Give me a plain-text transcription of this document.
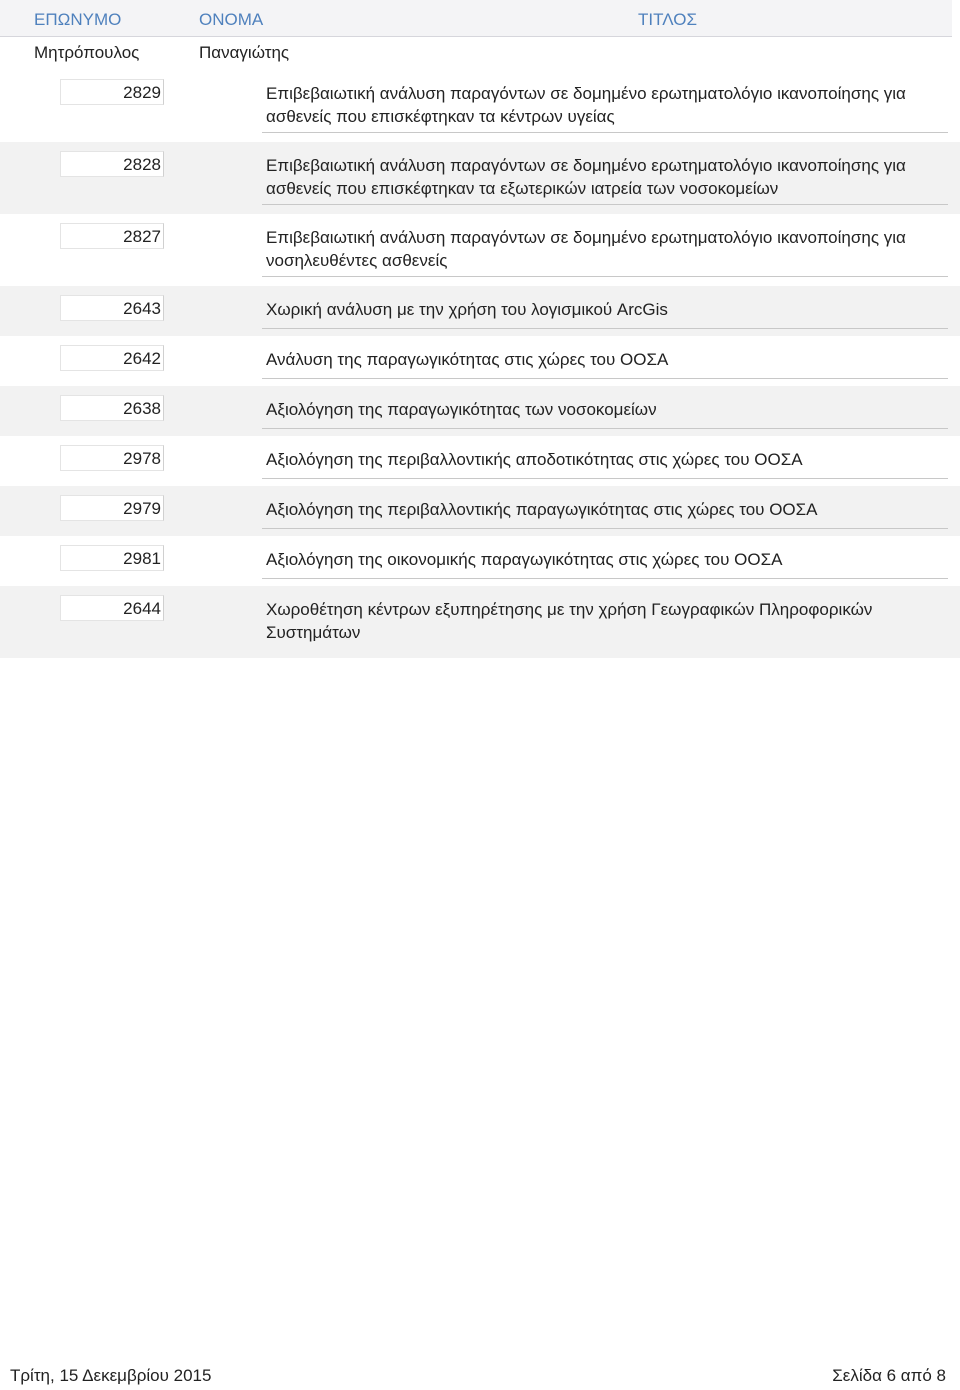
ΕΠΩΝΥΜΟ	ΟΝΟΜΑ	ΤΙΤΛΟΣ
Μητρόπουλος	Παναγιώτης
2829	Επιβεβαιωτική ανάλυση παραγόντων σε δομημένο ερωτηματολόγιο ικανοποίησης για ασθενείς που επισκέφτηκαν τα κέντρων υγείας
2828	Επιβεβαιωτική ανάλυση παραγόντων σε δομημένο ερωτηματολόγιο ικανοποίησης για ασθενείς που επισκέφτηκαν τα εξωτερικών ιατρεία των νοσοκομείων
2827	Επιβεβαιωτική ανάλυση παραγόντων σε δομημένο ερωτηματολόγιο ικανοποίησης για νοσηλευθέντες ασθενείς
2643	Χωρική ανάλυση με την χρήση του λογισμικού ArcGis
2642	Ανάλυση της παραγωγικότητας στις χώρες του ΟΟΣΑ
2638	Αξιολόγηση της παραγωγικότητας των νοσοκομείων
2978	Αξιολόγηση της περιβαλλοντικής αποδοτικότητας στις χώρες του ΟΟΣΑ
2979	Αξιολόγηση της περιβαλλοντικής παραγωγικότητας στις χώρες του ΟΟΣΑ
2981	Αξιολόγηση της οικονομικής παραγωγικότητας στις χώρες του ΟΟΣΑ
2644	Χωροθέτηση κέντρων εξυπηρέτησης με την χρήση Γεωγραφικών Πληροφορικών Συστημάτων
Τρίτη, 15 Δεκεμβρίου 2015	Σελίδα 6 από 8
